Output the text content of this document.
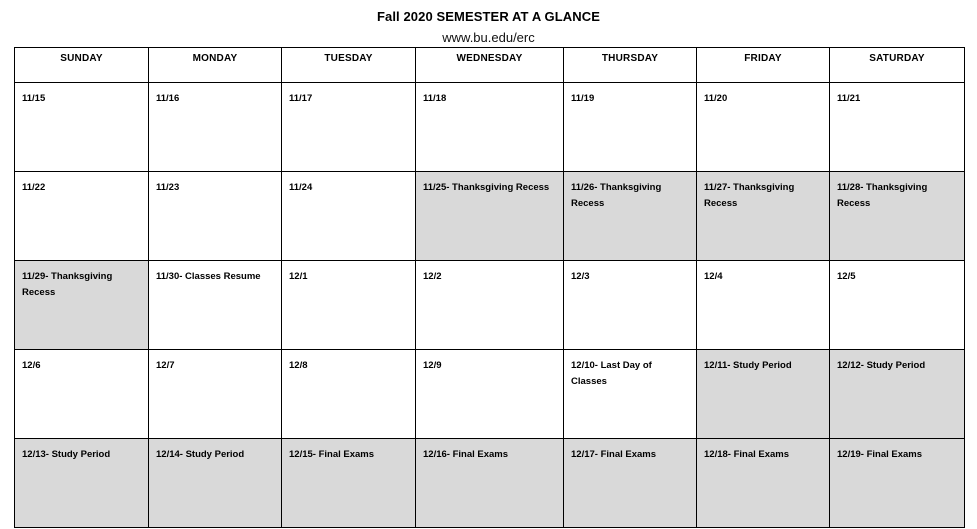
Fall 2020 SEMESTER AT A GLANCE
www.bu.edu/erc
SUNDAY	MONDAY	TUESDAY	WEDNESDAY	THURSDAY	FRIDAY	SATURDAY

11/15	11/16	11/17	11/18	11/19	11/20	11/21

11/22	11/23	11/24	11/25- Thanksgiving Recess	11/26- Thanksgiving Recess	11/27- Thanksgiving Recess	11/28- Thanksgiving Recess

11/29- Thanksgiving Recess	11/30- Classes Resume	12/1	12/2	12/3	12/4	12/5

12/6	12/7	12/8	12/9	12/10- Last Day of Classes	12/11- Study Period	12/12- Study Period

12/13- Study Period	12/14- Study Period	12/15- Final Exams	12/16- Final Exams	12/17- Final Exams	12/18- Final Exams	12/19- Final Exams
